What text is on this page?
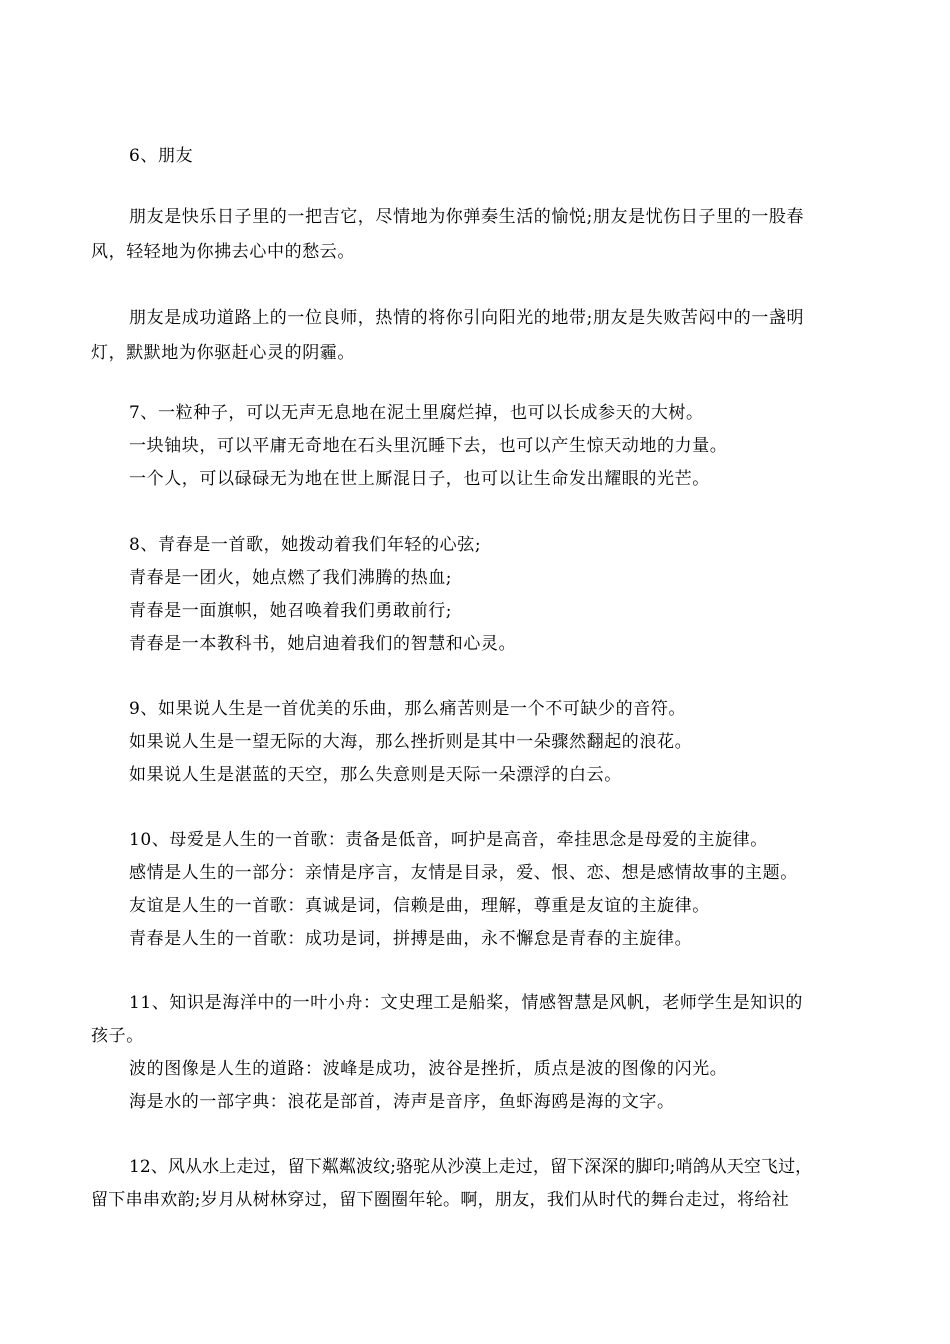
6、朋友
朋友是快乐日子里的一把吉它，尽情地为你弹奏生活的愉悦;朋友是忧伤日子里的一股春
风，轻轻地为你拂去心中的愁云。
朋友是成功道路上的一位良师，热情的将你引向阳光的地带;朋友是失败苦闷中的一盏明
灯，默默地为你驱赶心灵的阴霾。
7、一粒种子，可以无声无息地在泥土里腐烂掉，也可以长成参天的大树。
一块铀块，可以平庸无奇地在石头里沉睡下去，也可以产生惊天动地的力量。
一个人，可以碌碌无为地在世上厮混日子，也可以让生命发出耀眼的光芒。
8、青春是一首歌，她拨动着我们年轻的心弦;
青春是一团火，她点燃了我们沸腾的热血;
青春是一面旗帜，她召唤着我们勇敢前行;
青春是一本教科书，她启迪着我们的智慧和心灵。
9、如果说人生是一首优美的乐曲，那么痛苦则是一个不可缺少的音符。
如果说人生是一望无际的大海，那么挫折则是其中一朵骤然翻起的浪花。
如果说人生是湛蓝的天空，那么失意则是天际一朵漂浮的白云。
10、母爱是人生的一首歌：责备是低音，呵护是高音，牵挂思念是母爱的主旋律。
感情是人生的一部分：亲情是序言，友情是目录，爱、恨、恋、想是感情故事的主题。
友谊是人生的一首歌：真诚是词，信赖是曲，理解，尊重是友谊的主旋律。
青春是人生的一首歌：成功是词，拼搏是曲，永不懈怠是青春的主旋律。
11、知识是海洋中的一叶小舟：文史理工是船桨，情感智慧是风帆，老师学生是知识的
孩子。
波的图像是人生的道路：波峰是成功，波谷是挫折，质点是波的图像的闪光。
海是水的一部字典：浪花是部首，涛声是音序，鱼虾海鸥是海的文字。
12、风从水上走过，留下粼粼波纹;骆驼从沙漠上走过，留下深深的脚印;哨鸽从天空飞过，
留下串串欢韵;岁月从树林穿过，留下圈圈年轮。啊，朋友，我们从时代的舞台走过，将给社
